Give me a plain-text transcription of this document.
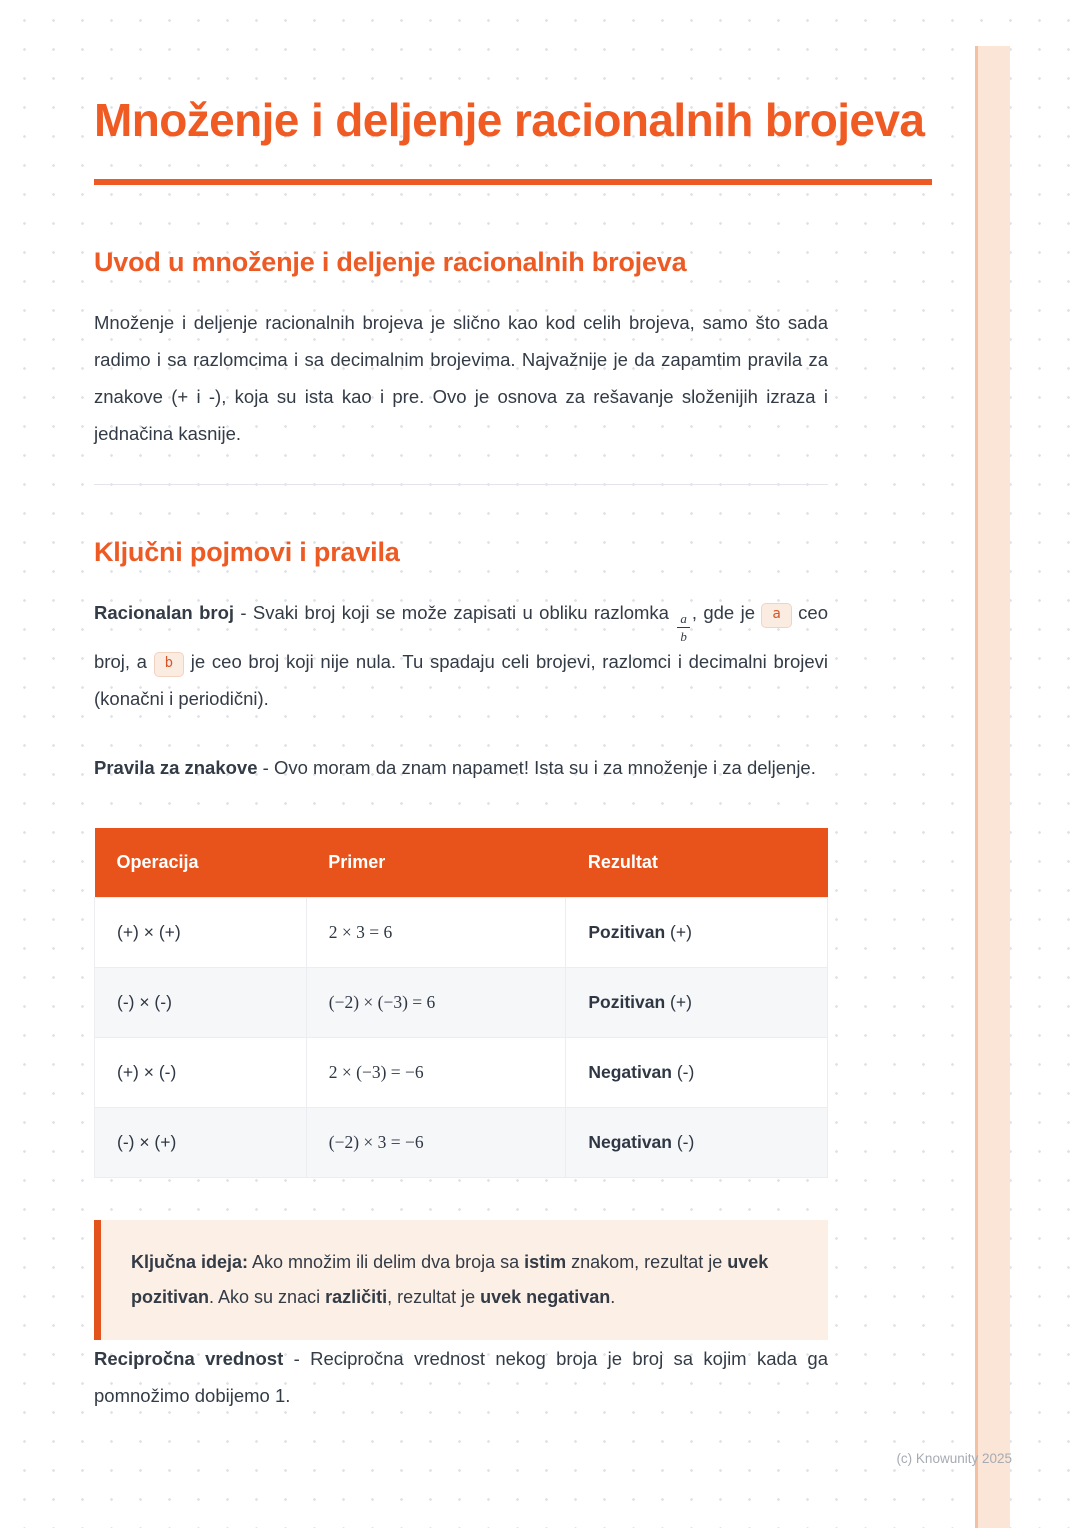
Množenje i deljenje racionalnih brojeva
Uvod u množenje i deljenje racionalnih brojeva

Množenje i deljenje racionalnih brojeva je slično kao kod celih brojeva, samo što sada radimo i sa razlomcima i sa decimalnim brojevima. Najvažnije je da zapamtim pravila za znakove (+ i -), koja su ista kao i pre. Ovo je osnova za rešavanje složenijih izraza i jednačina kasnije.

Ključni pojmovi i pravila

Racionalan broj - Svaki broj koji se može zapisati u obliku razlomka $\frac{a}{b}$ , gde je a ceo broj, a b je ceo broj koji nije nula. Tu spadaju celi brojevi, razlomci i decimalni brojevi (konačni i periodični).

Pravila za znakove - Ovo moram da znam napamet! Ista su i za množenje i za deljenje.

Operacija	Primer	Rezultat
(+) × (+)	2 × 3 = 6	Pozitivan (+)
(-) × (-)	(−2) × (−3) = 6	Pozitivan (+)
(+) × (-)	2 × (−3) = −6	Negativan (-)
(-) × (+)	(−2) × 3 = −6	Negativan (-)
Ključna ideja: Ako množim ili delim dva broja sa istim znakom, rezultat je uvek pozitivan. Ako su znaci različiti, rezultat je uvek negativan.

Recipročna vrednost - Recipročna vrednost nekog broja je broj sa kojim kada ga pomnožimo dobijemo 1.

(c) Knowunity 2025
